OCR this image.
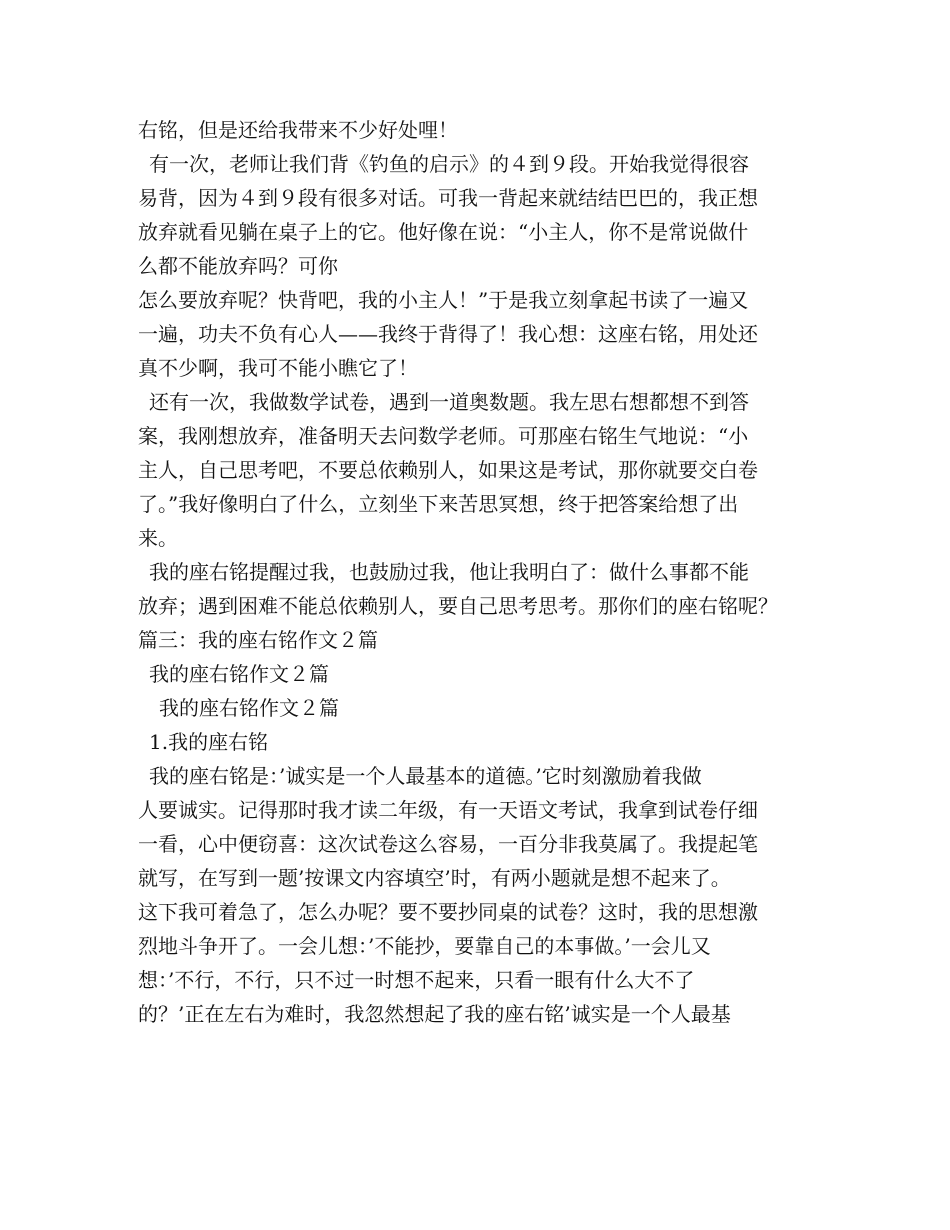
右铭，但是还给我带来不少好处哩！
有一次，老师让我们背《钓鱼的启示》的４到９段。开始我觉得很容
易背，因为４到９段有很多对话。可我一背起来就结结巴巴的，我正想
放弃就看见躺在桌子上的它。他好像在说：“小主人，你不是常说做什
么都不能放弃吗？可你
怎么要放弃呢？快背吧，我的小主人！”于是我立刻拿起书读了一遍又
一遍，功夫不负有心人——我终于背得了！我心想：这座右铭，用处还
真不少啊，我可不能小瞧它了！
还有一次，我做数学试卷，遇到一道奥数题。我左思右想都想不到答
案，我刚想放弃，准备明天去问数学老师。可那座右铭生气地说：“小
主人，自己思考吧，不要总依赖别人，如果这是考试，那你就要交白卷
了。”我好像明白了什么，立刻坐下来苦思冥想，终于把答案给想了出
来。
我的座右铭提醒过我，也鼓励过我，他让我明白了：做什么事都不能
放弃；遇到困难不能总依赖别人，要自己思考思考。那你们的座右铭呢？
篇三：我的座右铭作文２篇
我的座右铭作文２篇
我的座右铭作文２篇
1.我的座右铭
我的座右铭是：’诚实是一个人最基本的道德。’它时刻激励着我做
人要诚实。记得那时我才读二年级，有一天语文考试，我拿到试卷仔细
一看，心中便窃喜：这次试卷这么容易，一百分非我莫属了。我提起笔
就写，在写到一题’按课文内容填空’时，有两小题就是想不起来了。
这下我可着急了，怎么办呢？要不要抄同桌的试卷？这时，我的思想激
烈地斗争开了。一会儿想：’不能抄，要靠自己的本事做。’一会儿又
想：’不行，不行，只不过一时想不起来，只看一眼有什么大不了
的？’正在左右为难时，我忽然想起了我的座右铭’诚实是一个人最基
